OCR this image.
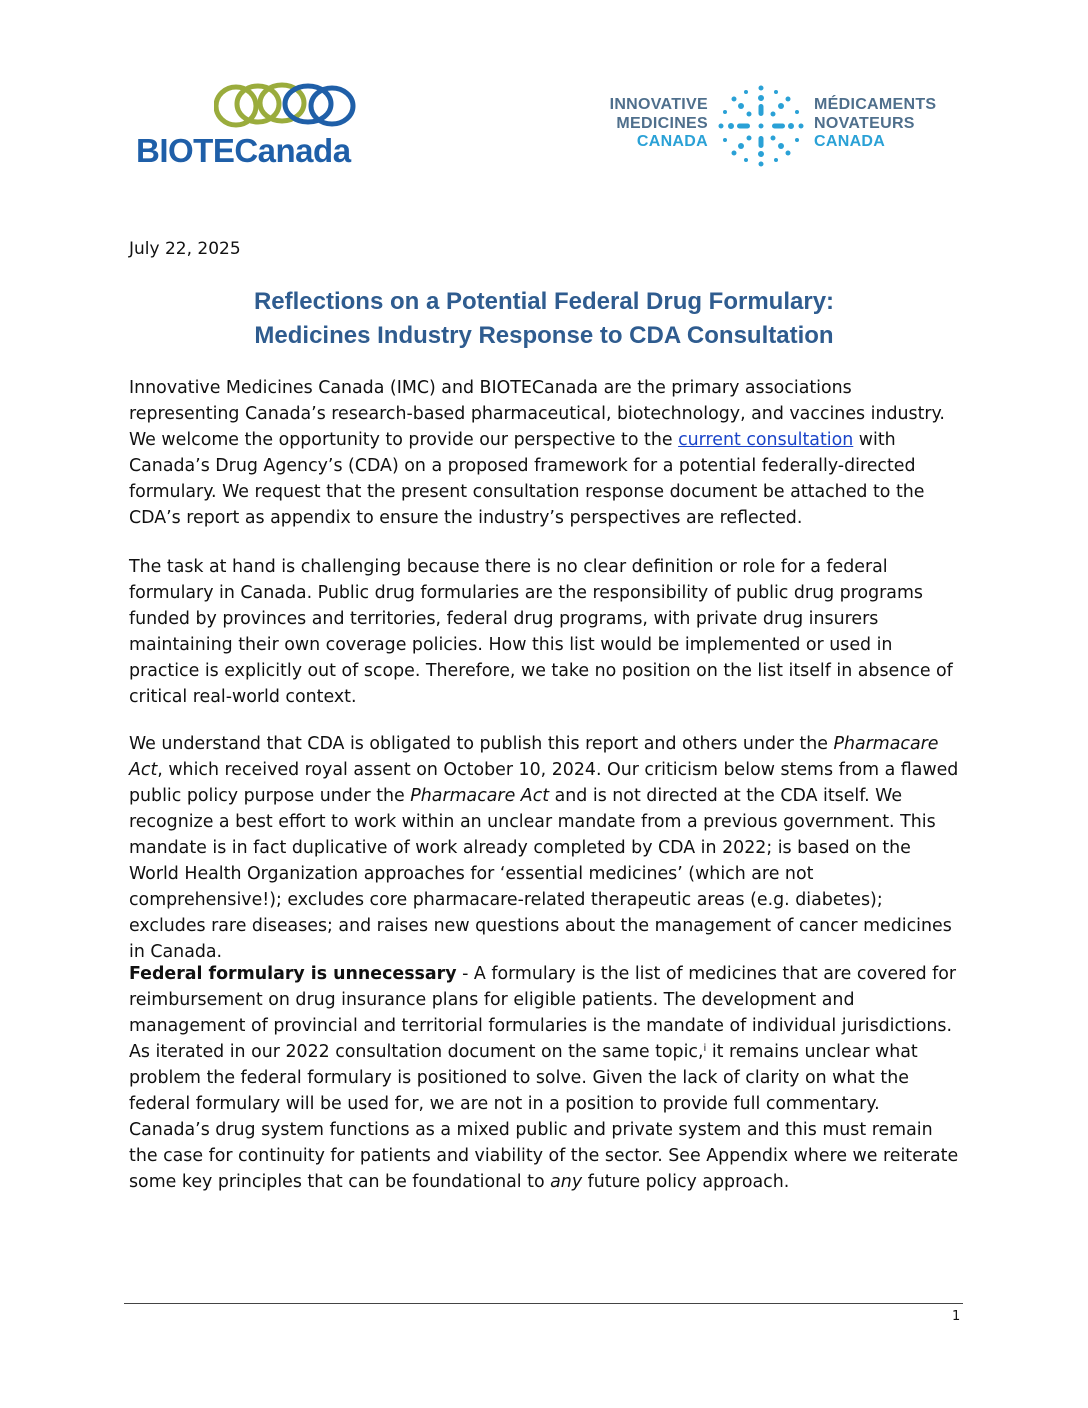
BIOTECanada
INNOVATIVE
MEDICINES
CANADA
MÉDICAMENTS
NOVATEURS
CANADA
July 22, 2025
Reflections on a Potential Federal Drug Formulary:
Medicines Industry Response to CDA Consultation

Innovative Medicines Canada (IMC) and BIOTECanada are the primary associations representing Canada’s research-based pharmaceutical, biotechnology, and vaccines industry. We welcome the opportunity to provide our perspective to the current consultation with Canada’s Drug Agency’s (CDA) on a proposed framework for a potential federally-directed formulary. We request that the present consultation response document be attached to the CDA’s report as appendix to ensure the industry’s perspectives are reflected.

The task at hand is challenging because there is no clear definition or role for a federal formulary in Canada. Public drug formularies are the responsibility of public drug programs funded by provinces and territories, federal drug programs, with private drug insurers maintaining their own coverage policies. How this list would be implemented or used in practice is explicitly out of scope. Therefore, we take no position on the list itself in absence of critical real-world context.

We understand that CDA is obligated to publish this report and others under the Pharmacare Act, which received royal assent on October 10, 2024. Our criticism below stems from a flawed public policy purpose under the Pharmacare Act and is not directed at the CDA itself. We recognize a best effort to work within an unclear mandate from a previous government. This mandate is in fact duplicative of work already completed by CDA in 2022; is based on the World Health Organization approaches for ‘essential medicines’ (which are not comprehensive!); excludes core pharmacare-related therapeutic areas (e.g. diabetes); excludes rare diseases; and raises new questions about the management of cancer medicines in Canada.

Federal formulary is unnecessary - A formulary is the list of medicines that are covered for reimbursement on drug insurance plans for eligible patients. The development and management of provincial and territorial formularies is the mandate of individual jurisdictions. As iterated in our 2022 consultation document on the same topic,$^i$ it remains unclear what problem the federal formulary is positioned to solve. Given the lack of clarity on what the federal formulary will be used for, we are not in a position to provide full commentary. Canada’s drug system functions as a mixed public and private system and this must remain the case for continuity for patients and viability of the sector. See Appendix where we reiterate some key principles that can be foundational to any future policy approach.

1
